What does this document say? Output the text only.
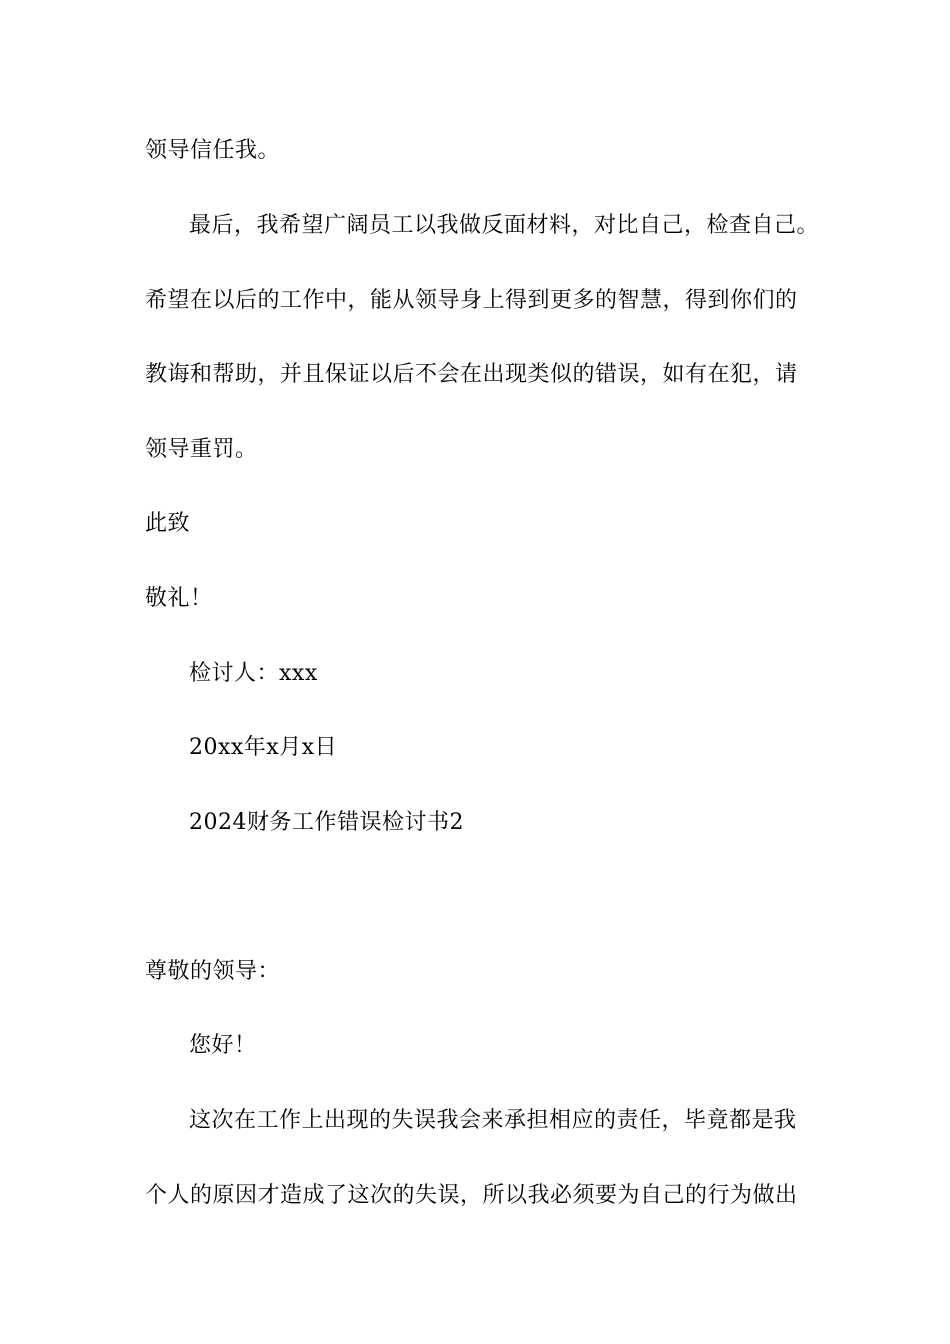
领导信任我。
最后，我希望广阔员工以我做反面材料，对比自己，检查自己。
希望在以后的工作中，能从领导身上得到更多的智慧，得到你们的
教诲和帮助，并且保证以后不会在出现类似的错误，如有在犯，请
领导重罚。
此致
敬礼！
检讨人：xxx
20xx年x月x日
2024财务工作错误检讨书2
尊敬的领导：
您好！
这次在工作上出现的失误我会来承担相应的责任，毕竟都是我
个人的原因才造成了这次的失误，所以我必须要为自己的行为做出
